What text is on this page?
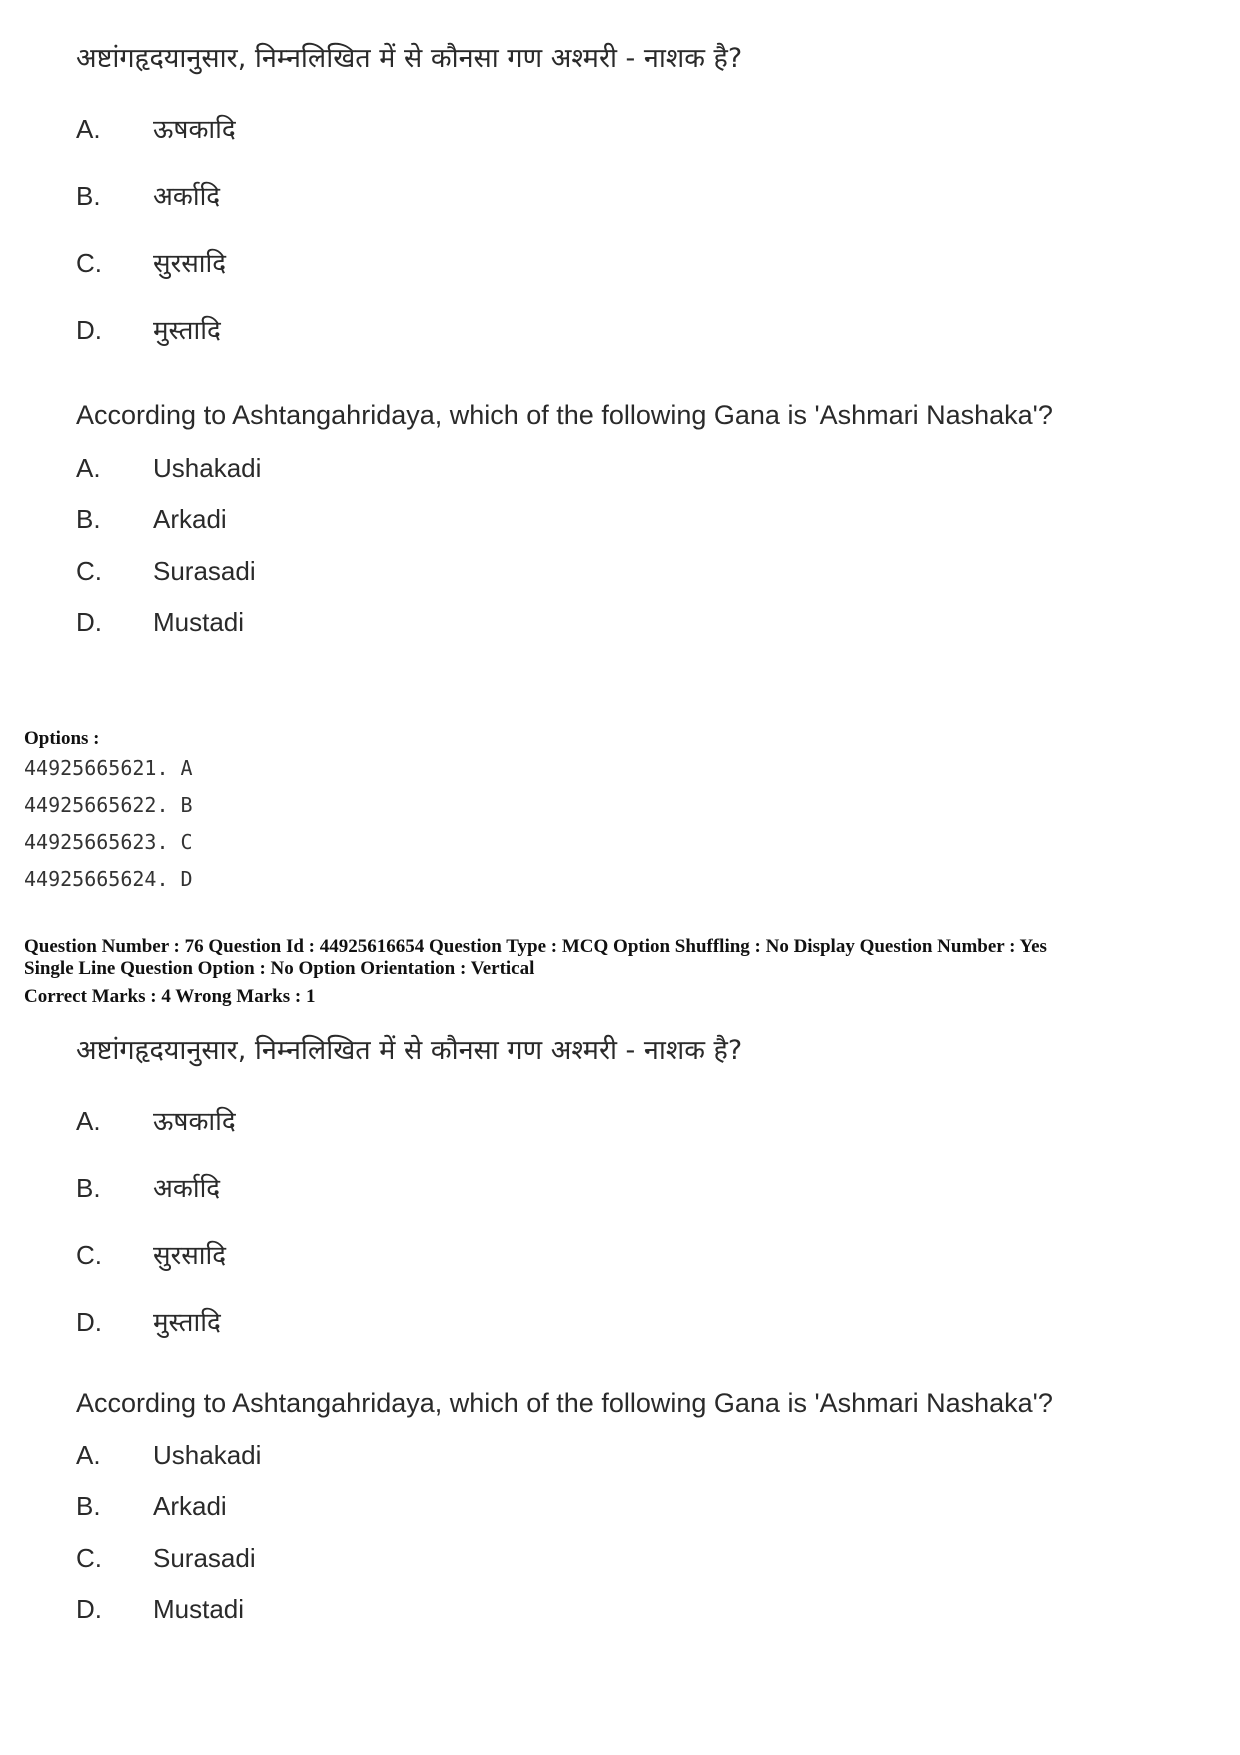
अष्टांगहृदयानुसार, निम्नलिखित में से कौनसा गण अश्मरी - नाशक है?
A. ऊषकादि
B. अर्कादि
C. सुरसादि
D. मुस्तादि
According to Ashtangahridaya, which of the following Gana is 'Ashmari Nashaka'?
A. Ushakadi
B. Arkadi
C. Surasadi
D. Mustadi
Options :
44925665621. A
44925665622. B
44925665623. C
44925665624. D
Question Number : 76 Question Id : 44925616654 Question Type : MCQ Option Shuffling : No Display Question Number : Yes
Single Line Question Option : No Option Orientation : Vertical
Correct Marks : 4 Wrong Marks : 1
अष्टांगहृदयानुसार, निम्नलिखित में से कौनसा गण अश्मरी - नाशक है?
A. ऊषकादि
B. अर्कादि
C. सुरसादि
D. मुस्तादि
According to Ashtangahridaya, which of the following Gana is 'Ashmari Nashaka'?
A. Ushakadi
B. Arkadi
C. Surasadi
D. Mustadi
